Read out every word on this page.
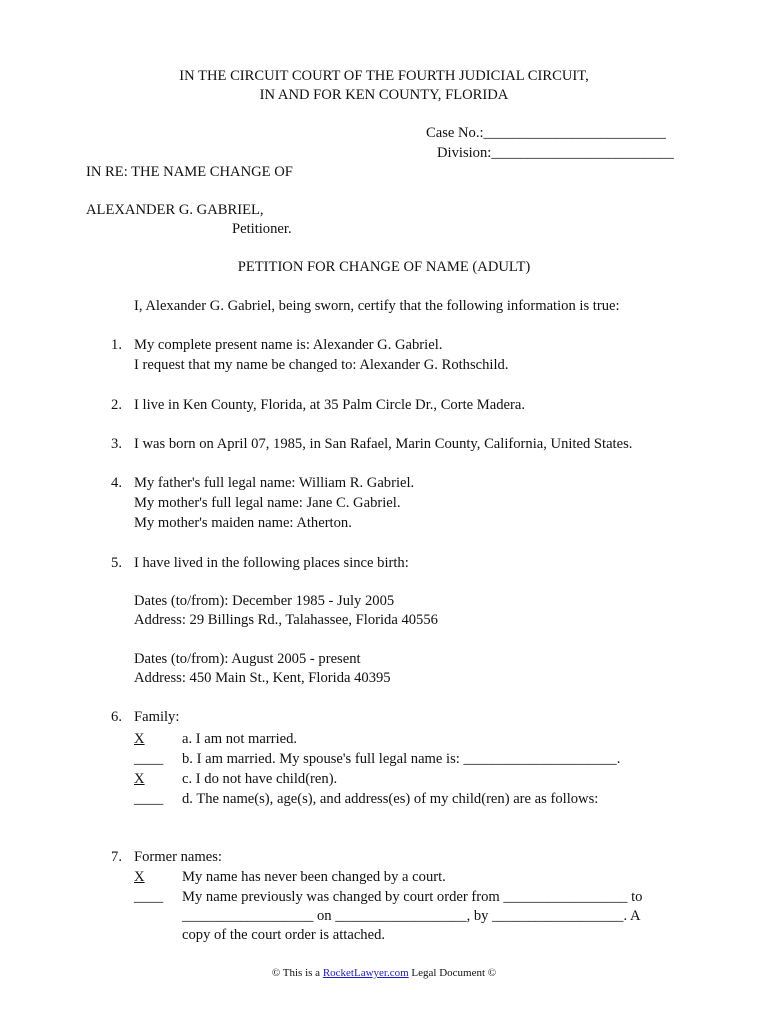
IN THE CIRCUIT COURT OF THE FOURTH JUDICIAL CIRCUIT,
IN AND FOR KEN COUNTY, FLORIDA
Case No.:_________________________
Division:_________________________
IN RE: THE NAME CHANGE OF
ALEXANDER G. GABRIEL,
Petitioner.
PETITION FOR CHANGE OF NAME (ADULT)
I, Alexander G. Gabriel, being sworn, certify that the following information is true:
1. My complete present name is: Alexander G. Gabriel.
I request that my name be changed to: Alexander G. Rothschild.
2. I live in Ken County, Florida, at 35 Palm Circle Dr., Corte Madera.
3. I was born on April 07, 1985, in San Rafael, Marin County, California, United States.
4. My father's full legal name: William R. Gabriel.
My mother's full legal name: Jane C. Gabriel.
My mother's maiden name: Atherton.
5. I have lived in the following places since birth:
Dates (to/from): December 1985 - July 2005
Address: 29 Billings Rd., Talahassee, Florida 40556
Dates (to/from): August 2005 - present
Address: 450 Main St., Kent, Florida 40395
6. Family:
X	a. I am not married.
____ b. I am married. My spouse's full legal name is: _____________________.
X	c. I do not have child(ren).
____ d. The name(s), age(s), and address(es) of my child(ren) are as follows:
7. Former names:
X	My name has never been changed by a court.
____ My name previously was changed by court order from _________________ to
__________________ on __________________, by __________________. A
copy of the court order is attached.
© This is a RocketLawyer.com Legal Document ©
